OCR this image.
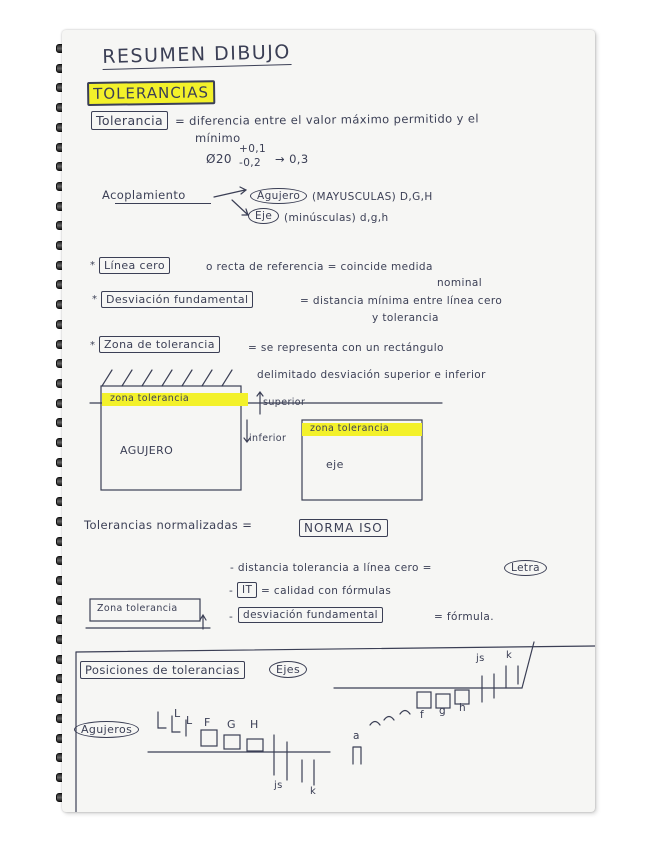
RESUMEN DIBUJO
TOLERANCIAS
Tolerancia	= diferencia entre el valor máximo permitido y el
mínimo
Ø20
+0,1
-0,2 → 0,3
Acoplamiento	Agujero	(MAYUSCULAS) D,G,H
Eje	(minúsculas) d,g,h
* Línea cero	o recta de referencia = coincide medida
nominal
* Desviación fundamental	= distancia mínima entre línea cero
y tolerancia
* Zona de tolerancia	= se representa con un rectángulo
delimitado desviación superior e inferior
zona tolerancia	superior
inferior
AGUJERO
zona tolerancia
eje
Tolerancias normalizadas =	NORMA ISO
- distancia tolerancia a línea cero =	Letra
- IT = calidad con fórmulas
- desviación fundamental	= fórmula.
Zona tolerancia
Posiciones de tolerancias	Ejes
Agujeros
L
L F G H
js
k
a
f g h
js k
